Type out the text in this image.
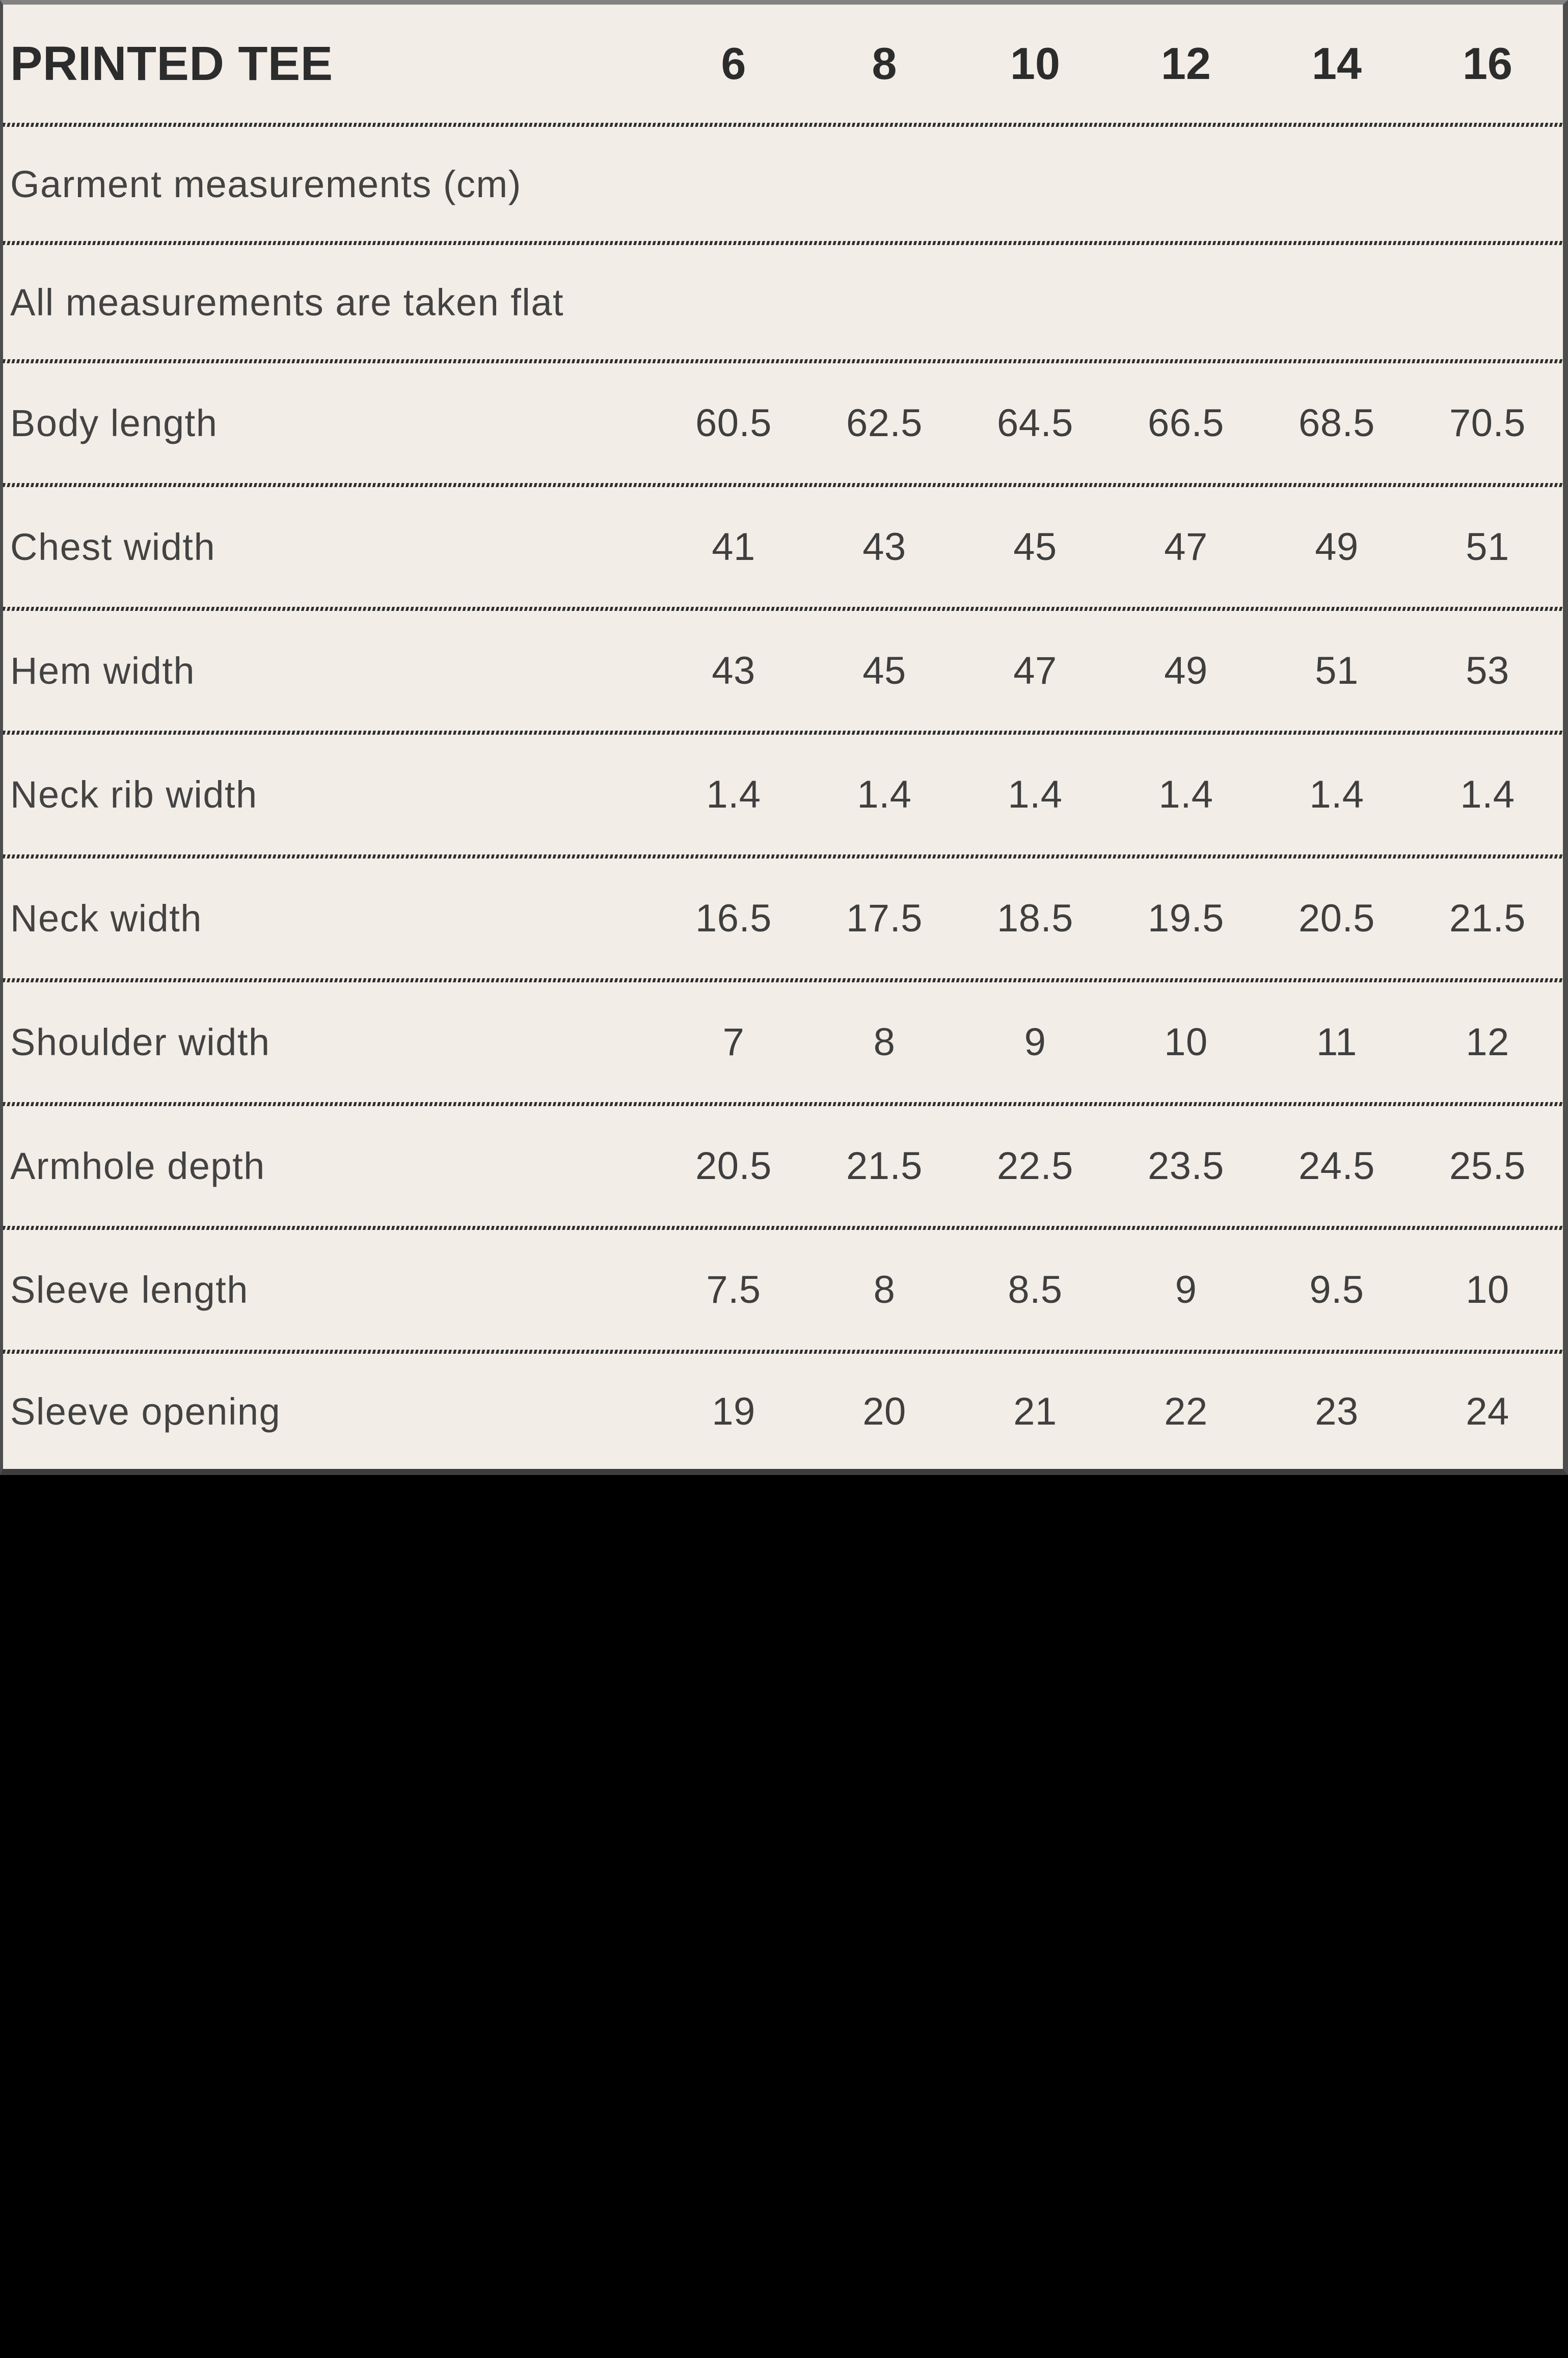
PRINTED TEE	6	8	10	12	14	16
Garment measurements (cm)
All measurements are taken flat
Body length	60.5	62.5	64.5	66.5	68.5	70.5
Chest width	41	43	45	47	49	51
Hem width	43	45	47	49	51	53
Neck rib width	1.4	1.4	1.4	1.4	1.4	1.4
Neck width	16.5	17.5	18.5	19.5	20.5	21.5
Shoulder width	7	8	9	10	11	12
Armhole depth	20.5	21.5	22.5	23.5	24.5	25.5
Sleeve length	7.5	8	8.5	9	9.5	10
Sleeve opening	19	20	21	22	23	24
